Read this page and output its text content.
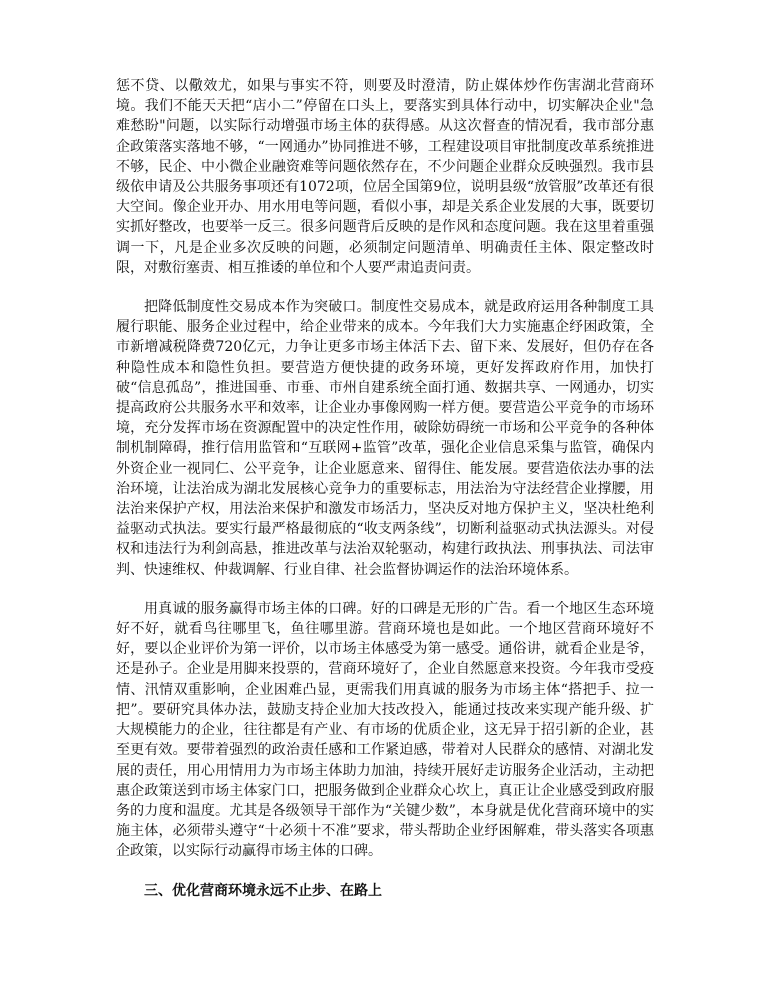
惩不贷、以儆效尤，如果与事实不符，则要及时澄清，防止媒体炒作伤害湖北营商环境。我们不能天天把“店小二”停留在口头上，要落实到具体行动中，切实解决企业"急难愁盼"问题，以实际行动增强市场主体的获得感。从这次督查的情况看，我市部分惠企政策落实落地不够，“一网通办”协同推进不够，工程建设项目审批制度改革系统推进不够，民企、中小微企业融资难等问题依然存在，不少问题企业群众反映强烈。我市县级依申请及公共服务事项还有1072项，位居全国第9位，说明县级“放管服”改革还有很大空间。像企业开办、用水用电等问题，看似小事，却是关系企业发展的大事，既要切实抓好整改，也要举一反三。很多问题背后反映的是作风和态度问题。我在这里着重强调一下，凡是企业多次反映的问题，必须制定问题清单、明确责任主体、限定整改时限，对敷衍塞责、相互推诿的单位和个人要严肃追责问责。

把降低制度性交易成本作为突破口。制度性交易成本，就是政府运用各种制度工具履行职能、服务企业过程中，给企业带来的成本。今年我们大力实施惠企纾困政策，全市新增减税降费720亿元，力争让更多市场主体活下去、留下来、发展好，但仍存在各种隐性成本和隐性负担。要营造方便快捷的政务环境，更好发挥政府作用，加快打破“信息孤岛”，推进国垂、市垂、市州自建系统全面打通、数据共享、一网通办，切实提高政府公共服务水平和效率，让企业办事像网购一样方便。要营造公平竞争的市场环境，充分发挥市场在资源配置中的决定性作用，破除妨碍统一市场和公平竞争的各种体制机制障碍，推行信用监管和“互联网+监管”改革，强化企业信息采集与监管，确保内外资企业一视同仁、公平竞争，让企业愿意来、留得住、能发展。要营造依法办事的法治环境，让法治成为湖北发展核心竞争力的重要标志，用法治为守法经营企业撑腰，用法治来保护产权，用法治来保护和激发市场活力，坚决反对地方保护主义，坚决杜绝利益驱动式执法。要实行最严格最彻底的“收支两条线”，切断利益驱动式执法源头。对侵权和违法行为利剑高悬，推进改革与法治双轮驱动，构建行政执法、刑事执法、司法审判、快速维权、仲裁调解、行业自律、社会监督协调运作的法治环境体系。

用真诚的服务赢得市场主体的口碑。好的口碑是无形的广告。看一个地区生态环境好不好，就看鸟往哪里飞，鱼往哪里游。营商环境也是如此。一个地区营商环境好不好，要以企业评价为第一评价，以市场主体感受为第一感受。通俗讲，就看企业是爷，还是孙子。企业是用脚来投票的，营商环境好了，企业自然愿意来投资。今年我市受疫情、汛情双重影响，企业困难凸显，更需我们用真诚的服务为市场主体“搭把手、拉一把”。要研究具体办法，鼓励支持企业加大技改投入，能通过技改来实现产能升级、扩大规模能力的企业，往往都是有产业、有市场的优质企业，这无异于招引新的企业，甚至更有效。要带着强烈的政治责任感和工作紧迫感，带着对人民群众的感情、对湖北发展的责任，用心用情用力为市场主体助力加油，持续开展好走访服务企业活动，主动把惠企政策送到市场主体家门口，把服务做到企业群众心坎上，真正让企业感受到政府服务的力度和温度。尤其是各级领导干部作为“关键少数”，本身就是优化营商环境中的实施主体，必须带头遵守“十必须十不准”要求，带头帮助企业纾困解难，带头落实各项惠企政策，以实际行动赢得市场主体的口碑。

三、优化营商环境永远不止步、在路上
